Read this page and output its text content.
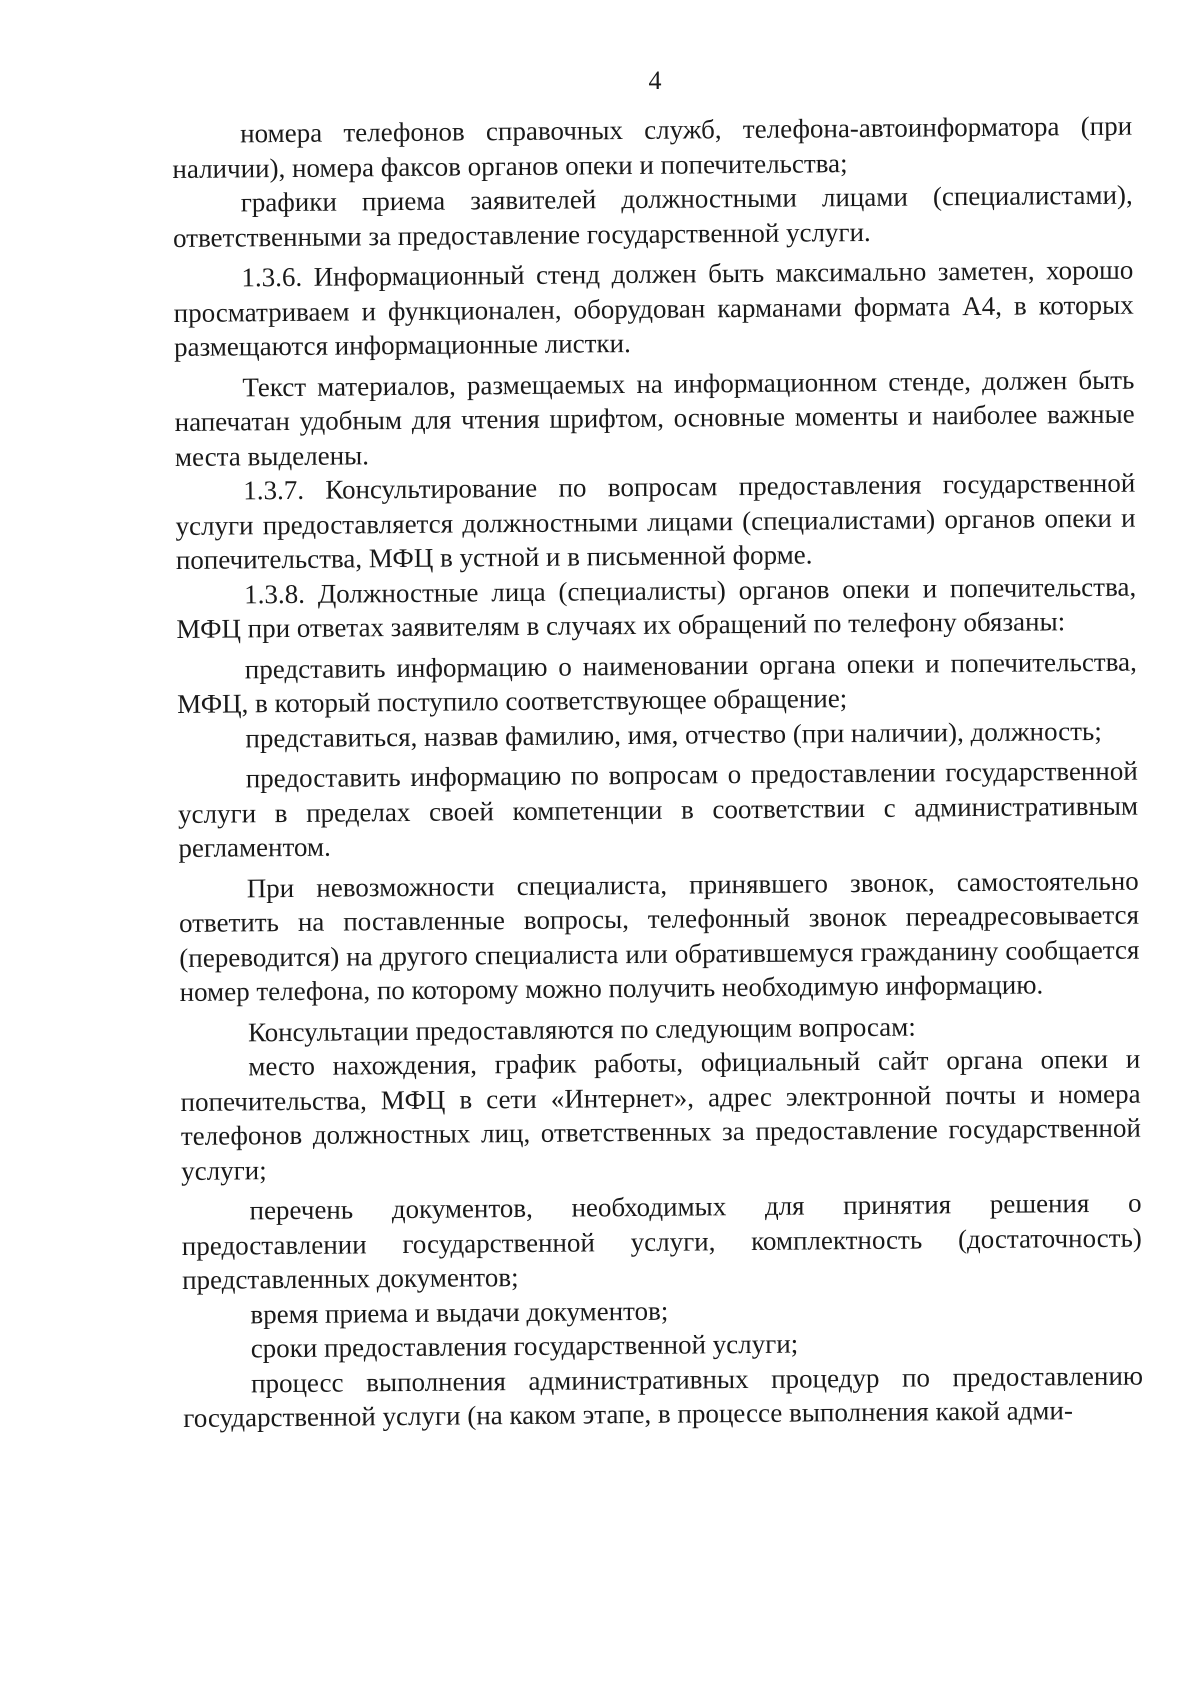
4

номера телефонов справочных служб, телефона-автоинформатора (при наличии), номера факсов органов опеки и попечительства;

графики приема заявителей должностными лицами (специалистами), ответственными за предоставление государственной услуги.

1.3.6. Информационный стенд должен быть максимально заметен, хорошо просматриваем и функционален, оборудован карманами формата А4, в которых размещаются информационные листки.

Текст материалов, размещаемых на информационном стенде, должен быть напечатан удобным для чтения шрифтом, основные моменты и наиболее важные места выделены.

1.3.7. Консультирование по вопросам предоставления государственной услуги предоставляется должностными лицами (специалистами) органов опеки и попечительства, МФЦ в устной и в письменной форме.

1.3.8. Должностные лица (специалисты) органов опеки и попечительства, МФЦ при ответах заявителям в случаях их обращений по телефону обязаны:

представить информацию о наименовании органа опеки и попечительства, МФЦ, в который поступило соответствующее обращение;

представиться, назвав фамилию, имя, отчество (при наличии), должность;

предоставить информацию по вопросам о предоставлении государственной услуги в пределах своей компетенции в соответствии с административным регламентом.

При невозможности специалиста, принявшего звонок, самостоятельно ответить на поставленные вопросы, телефонный звонок переадресовывается (переводится) на другого специалиста или обратившемуся гражданину сообщается номер телефона, по которому можно получить необходимую информацию.

Консультации предоставляются по следующим вопросам:

место нахождения, график работы, официальный сайт органа опеки и попечительства, МФЦ в сети «Интернет», адрес электронной почты и номера телефонов должностных лиц, ответственных за предоставление государственной услуги;

перечень документов, необходимых для принятия решения о предоставлении государственной услуги, комплектность (достаточность) представленных документов;

время приема и выдачи документов;

сроки предоставления государственной услуги;

процесс выполнения административных процедур по предоставлению государственной услуги (на каком этапе, в процессе выполнения какой адми-
